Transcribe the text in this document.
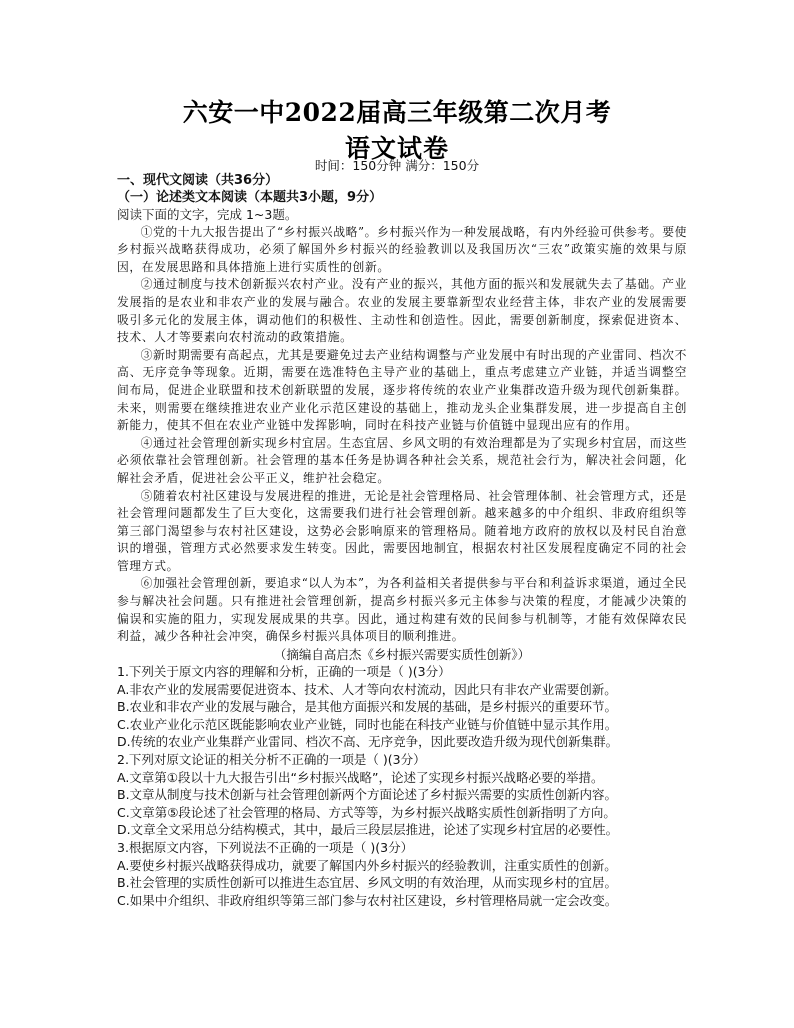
六安一中2022届高三年级第二次月考
语文试卷
时间：150分钟 满分：150分

一、现代文阅读（共36分）

（一）论述类文本阅读（本题共3小题，9分）

阅读下面的文字，完成 1~3题。

①党的十九大报告提出了“乡村振兴战略”。乡村振兴作为一种发展战略，有内外经验可供参考。要使乡村振兴战略获得成功，必须了解国外乡村振兴的经验教训以及我国历次“三农”政策实施的效果与原因，在发展思路和具体措施上进行实质性的创新。

②通过制度与技术创新振兴农村产业。没有产业的振兴，其他方面的振兴和发展就失去了基础。产业发展指的是农业和非农产业的发展与融合。农业的发展主要靠新型农业经营主体，非农产业的发展需要吸引多元化的发展主体，调动他们的积极性、主动性和创造性。因此，需要创新制度，探索促进资本、技术、人才等要素向农村流动的政策措施。

③新时期需要有高起点，尤其是要避免过去产业结构调整与产业发展中有时出现的产业雷同、档次不高、无序竞争等现象。近期，需要在选准特色主导产业的基础上，重点考虑建立产业链，并适当调整空间布局，促进企业联盟和技术创新联盟的发展，逐步将传统的农业产业集群改造升级为现代创新集群。未来，则需要在继续推进农业产业化示范区建设的基础上，推动龙头企业集群发展，进一步提高自主创新能力，使其不但在农业产业链中发挥影响，同时在科技产业链与价值链中显现出应有的作用。

④通过社会管理创新实现乡村宜居。生态宜居、乡风文明的有效治理都是为了实现乡村宜居，而这些必须依靠社会管理创新。社会管理的基本任务是协调各种社会关系，规范社会行为，解决社会问题，化解社会矛盾，促进社会公平正义，维护社会稳定。

⑤随着农村社区建设与发展进程的推进，无论是社会管理格局、社会管理体制、社会管理方式，还是社会管理问题都发生了巨大变化，这需要我们进行社会管理创新。越来越多的中介组织、非政府组织等第三部门渴望参与农村社区建设，这势必会影响原来的管理格局。随着地方政府的放权以及村民自治意识的增强，管理方式必然要求发生转变。因此，需要因地制宜，根据农村社区发展程度确定不同的社会管理方式。

⑥加强社会管理创新，要追求“以人为本”，为各利益相关者提供参与平台和利益诉求渠道，通过全民参与解决社会问题。只有推进社会管理创新，提高乡村振兴多元主体参与决策的程度，才能减少决策的偏误和实施的阻力，实现发展成果的共享。因此，通过构建有效的民间参与机制等，才能有效保障农民利益，减少各种社会冲突，确保乡村振兴具体项目的顺利推进。

（摘编自高启杰《乡村振兴需要实质性创新》）

1.下列关于原文内容的理解和分析，正确的一项是（ )(3分）

A.非农产业的发展需要促进资本、技术、人才等向农村流动，因此只有非农产业需要创新。

B.农业和非农产业的发展与融合，是其他方面振兴和发展的基础，是乡村振兴的重要环节。

C.农业产业化示范区既能影响农业产业链，同时也能在科技产业链与价值链中显示其作用。

D.传统的农业产业集群产业雷同、档次不高、无序竞争，因此要改造升级为现代创新集群。

2.下列对原文论证的相关分析不正确的一项是（ )(3分）

A.文章第①段以十九大报告引出“乡村振兴战略”，论述了实现乡村振兴战略必要的举措。

B.文章从制度与技术创新与社会管理创新两个方面论述了乡村振兴需要的实质性创新内容。

C.文章第⑤段论述了社会管理的格局、方式等等，为乡村振兴战略实质性创新指明了方向。

D.文章全文采用总分结构模式，其中，最后三段层层推进，论述了实现乡村宜居的必要性。

3.根据原文内容，下列说法不正确的一项是（ )(3分）

A.要使乡村振兴战略获得成功，就要了解国内外乡村振兴的经验教训，注重实质性的创新。

B.社会管理的实质性创新可以推进生态宜居、乡风文明的有效治理，从而实现乡村的宜居。

C.如果中介组织、非政府组织等第三部门参与农村社区建设，乡村管理格局就一定会改变。
